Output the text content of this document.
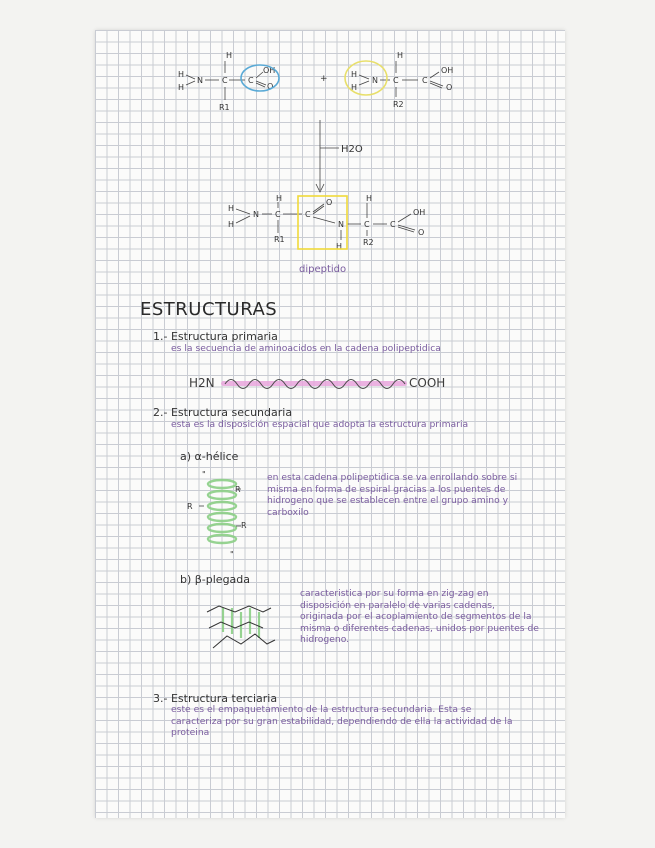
H
H
H
N C	C
OH
O
R1
+
H
H
H
N C	C
OH
O
R2
H2O
H
H
H
N C
R1
C
O
N
H
H
C
R2
C
OH
O
dipeptido
ESTRUCTURAS
1.- Estructura primaria
es la secuencia de aminoacidos en la cadena polipeptidica
H2N	COOH
2.- Estructura secundaria
esta es la disposición espacial que adopta la estructura primaria
a) α-hélice
en esta cadena polipeptidica se va enrollando sobre si misma en forma de espiral gracias a los puentes de hidrogeno que se establecen entre el grupo amino y carboxilo
"
R
R
R
"
b) β-plegada
caracteristica por su forma en zig-zag en disposición en paralelo de varias cadenas, originada por el acoplamiento de segmentos de la misma o diferentes cadenas, unidos por puentes de hidrogeno.
3.- Estructura terciaria
este es el empaquetamiento de la estructura secundaria. Esta se caracteriza por su gran estabilidad, dependiendo de ella la actividad de la proteina
